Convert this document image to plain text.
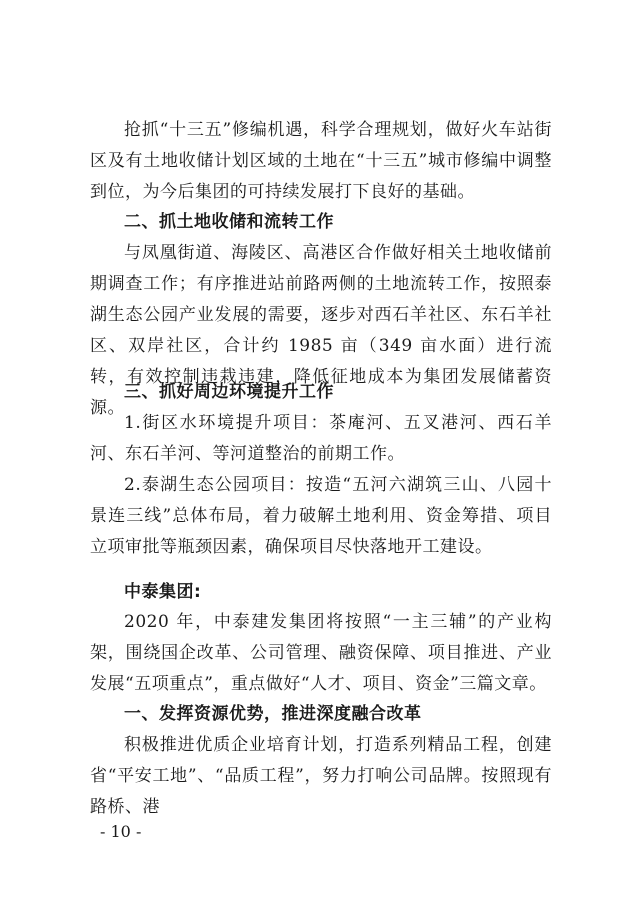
抢抓“十三五”修编机遇，科学合理规划，做好火车站街区及有土地收储计划区域的土地在“十三五”城市修编中调整到位，为今后集团的可持续发展打下良好的基础。

二、抓土地收储和流转工作

与凤凰街道、海陵区、高港区合作做好相关土地收储前期调查工作；有序推进站前路两侧的土地流转工作，按照泰湖生态公园产业发展的需要，逐步对西石羊社区、东石羊社区、双岸社区，合计约 1985 亩（349 亩水面）进行流转，有效控制违栽违建，降低征地成本为集团发展储蓄资源。

三、抓好周边环境提升工作

1.街区水环境提升项目：茶庵河、五叉港河、西石羊河、东石羊河、等河道整治的前期工作。

2.泰湖生态公园项目：按造“五河六湖筑三山、八园十景连三线”总体布局，着力破解土地利用、资金筹措、项目立项审批等瓶颈因素，确保项目尽快落地开工建设。

中泰集团:

2020 年，中泰建发集团将按照“一主三辅”的产业构架，围绕国企改革、公司管理、融资保障、项目推进、产业发展“五项重点”，重点做好“人才、项目、资金”三篇文章。

一、发挥资源优势，推进深度融合改革

积极推进优质企业培育计划，打造系列精品工程，创建省“平安工地”、“品质工程”，努力打响公司品牌。按照现有路桥、港

- 10 -
